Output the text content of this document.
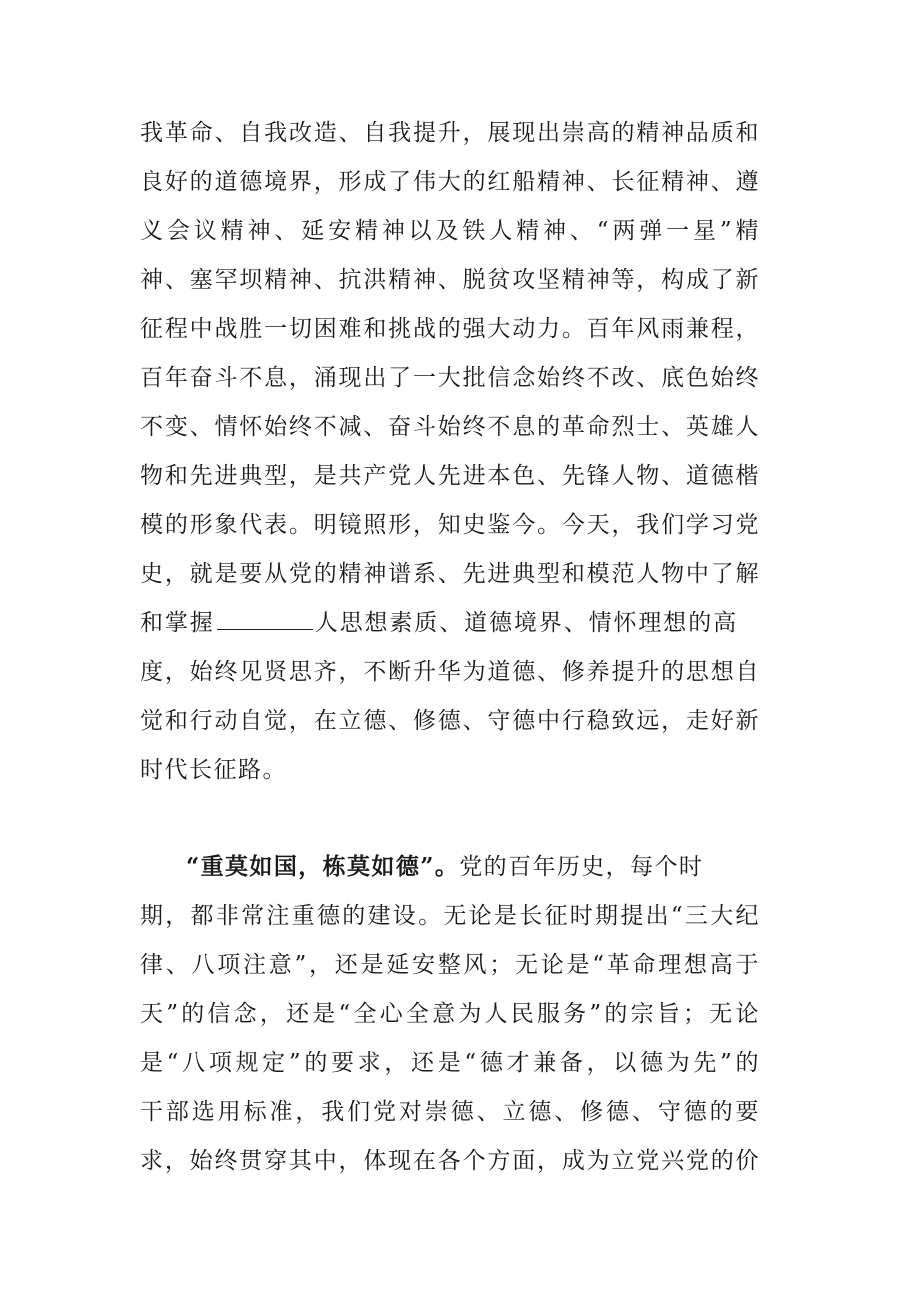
我革命、自我改造、自我提升，展现出崇高的精神品质和
良好的道德境界，形成了伟大的红船精神、长征精神、遵
义会议精神、延安精神以及铁人精神、“两弹一星”精
神、塞罕坝精神、抗洪精神、脱贫攻坚精神等，构成了新
征程中战胜一切困难和挑战的强大动力。百年风雨兼程，
百年奋斗不息，涌现出了一大批信念始终不改、底色始终
不变、情怀始终不减、奋斗始终不息的革命烈士、英雄人
物和先进典型，是共产党人先进本色、先锋人物、道德楷
模的形象代表。明镜照形，知史鉴今。今天，我们学习党
史，就是要从党的精神谱系、先进典型和模范人物中了解
和掌握	人思想素质、道德境界、情怀理想的高
度，始终见贤思齐，不断升华为道德、修养提升的思想自
觉和行动自觉，在立德、修德、守德中行稳致远，走好新
时代长征路。
“重莫如国，栋莫如德”。党的百年历史，每个时
期，都非常注重德的建设。无论是长征时期提出“三大纪
律、八项注意”，还是延安整风；无论是“革命理想高于
天”的信念，还是“全心全意为人民服务”的宗旨；无论
是“八项规定”的要求，还是“德才兼备，以德为先”的
干部选用标准，我们党对崇德、立德、修德、守德的要
求，始终贯穿其中，体现在各个方面，成为立党兴党的价
